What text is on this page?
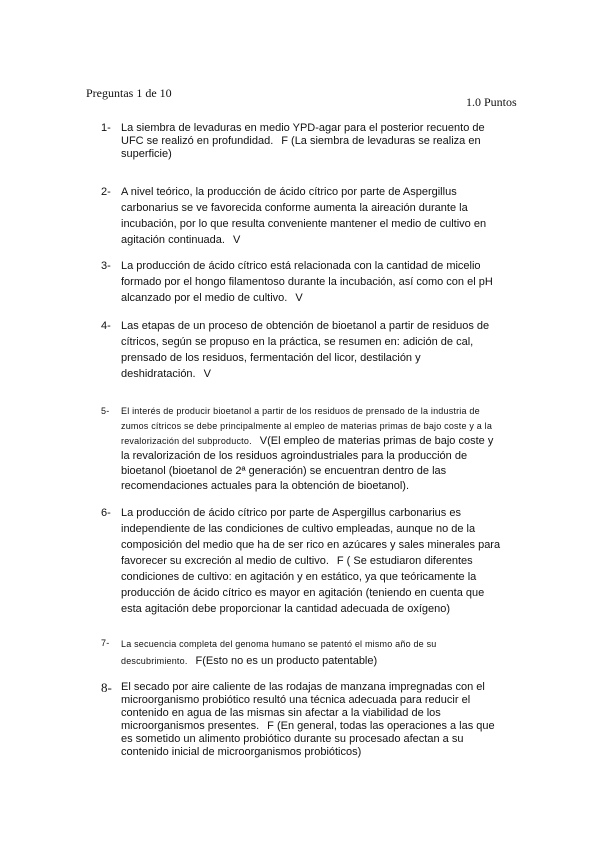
Preguntas 1 de 10
1.0 Puntos
1- La siembra de levaduras en medio YPD-agar para el posterior recuento de UFC se realizó en profundidad. F (La siembra de levaduras se realiza en superficie)
2- A nivel teórico, la producción de ácido cítrico por parte de Aspergillus carbonarius se ve favorecida conforme aumenta la aireación durante la incubación, por lo que resulta conveniente mantener el medio de cultivo en agitación continuada. V
3- La producción de ácido cítrico está relacionada con la cantidad de micelio formado por el hongo filamentoso durante la incubación, así como con el pH alcanzado por el medio de cultivo. V
4- Las etapas de un proceso de obtención de bioetanol a partir de residuos de cítricos, según se propuso en la práctica, se resumen en: adición de cal, prensado de los residuos, fermentación del licor, destilación y deshidratación. V
5- El interés de producir bioetanol a partir de los residuos de prensado de la industria de zumos cítricos se debe principalmente al empleo de materias primas de bajo coste y a la revalorización del subproducto. V(El empleo de materias primas de bajo coste y la revalorización de los residuos agroindustriales para la producción de bioetanol (bioetanol de 2ª generación) se encuentran dentro de las recomendaciones actuales para la obtención de bioetanol).
6- La producción de ácido cítrico por parte de Aspergillus carbonarius es independiente de las condiciones de cultivo empleadas, aunque no de la composición del medio que ha de ser rico en azúcares y sales minerales para favorecer su excreción al medio de cultivo. F ( Se estudiaron diferentes condiciones de cultivo: en agitación y en estático, ya que teóricamente la producción de ácido cítrico es mayor en agitación (teniendo en cuenta que esta agitación debe proporcionar la cantidad adecuada de oxígeno)
7- La secuencia completa del genoma humano se patentó el mismo año de su descubrimiento. F(Esto no es un producto patentable)
8- El secado por aire caliente de las rodajas de manzana impregnadas con el microorganismo probiótico resultó una técnica adecuada para reducir el contenido en agua de las mismas sin afectar a la viabilidad de los microorganismos presentes. F (En general, todas las operaciones a las que es sometido un alimento probiótico durante su procesado afectan a su contenido inicial de microorganismos probióticos)
